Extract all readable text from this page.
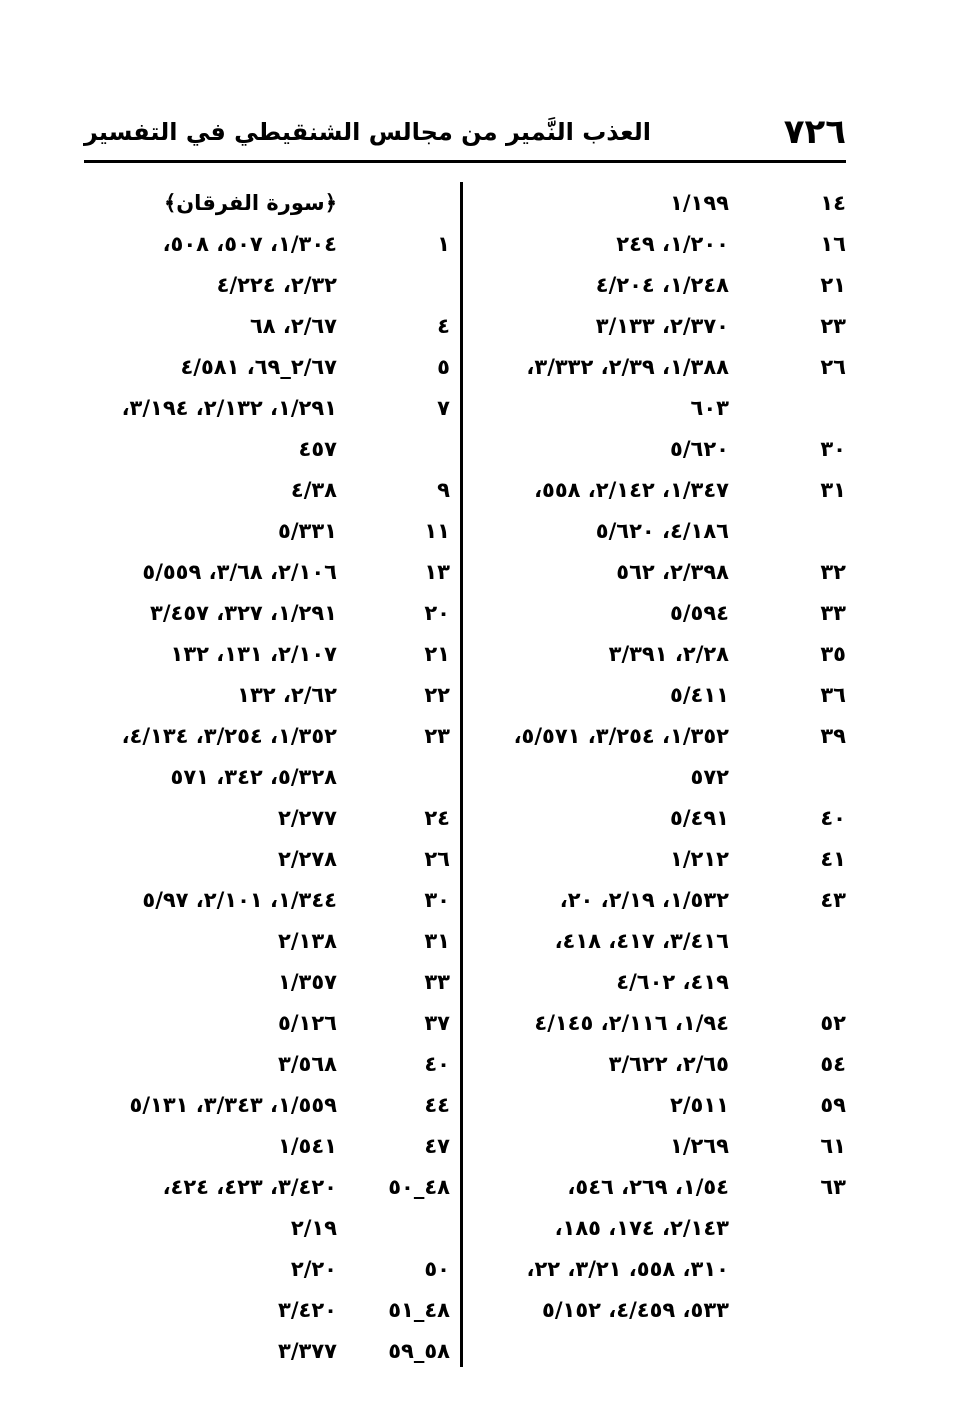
٧٢٦
العذب النَّمير من مجالس الشنقيطي في التفسير
١٤
١/١٩٩
١٦
١/٢٠٠، ٢٤٩
٢١
١/٢٤٨، ٤/٢٠٤
٢٣
٢/٣٧٠، ٣/١٣٣
٢٦
١/٣٨٨، ٢/٣٩، ٣/٣٣٢،
٦٠٣
٣٠
٥/٦٢٠
٣١
١/٣٤٧، ٢/١٤٢، ٥٥٨،
٤/١٨٦، ٥/٦٢٠
٣٢
٢/٣٩٨، ٥٦٢
٣٣
٥/٥٩٤
٣٥
٢/٢٨، ٣/٣٩١
٣٦
٥/٤١١
٣٩
١/٣٥٢، ٣/٢٥٤، ٥/٥٧١،
٥٧٢
٤٠
٥/٤٩١
٤١
١/٢١٢
٤٣
١/٥٣٢، ٢/١٩، ٢٠،
٣/٤١٦، ٤١٧، ٤١٨،
٤١٩، ٤/٦٠٢
٥٢
١/٩٤، ٢/١١٦، ٤/١٤٥
٥٤
٢/٦٥، ٣/٦٢٢
٥٩
٢/٥١١
٦١
١/٢٦٩
٦٣
١/٥٤، ٢٦٩، ٥٤٦،
٢/١٤٣، ١٧٤، ١٨٥،
٣١٠، ٥٥٨، ٣/٢١، ٢٢،
٥٣٣، ٤/٤٥٩، ٥/١٥٢
﴿سورة الفرقان﴾
١
١/٣٠٤، ٥٠٧، ٥٠٨،
٢/٣٢، ٤/٢٢٤
٤
٢/٦٧، ٦٨
٥
٢/٦٧_٦٩، ٤/٥٨١
٧
١/٢٩١، ٢/١٣٢، ٣/١٩٤،
٤٥٧
٩
٤/٣٨
١١
٥/٣٣١
١٣
٢/١٠٦، ٣/٦٨، ٥/٥٥٩
٢٠
١/٢٩١، ٣٢٧، ٣/٤٥٧
٢١
٢/١٠٧، ١٣١، ١٣٢
٢٢
٢/٦٢، ١٣٢
٢٣
١/٣٥٢، ٣/٢٥٤، ٤/١٣٤،
٥/٣٢٨، ٣٤٢، ٥٧١
٢٤
٢/٢٧٧
٢٦
٢/٢٧٨
٣٠
١/٣٤٤، ٢/١٠١، ٥/٩٧
٣١
٢/١٣٨
٣٣
١/٣٥٧
٣٧
٥/١٢٦
٤٠
٣/٥٦٨
٤٤
١/٥٥٩، ٣/٣٤٣، ٥/١٣١
٤٧
١/٥٤١
٤٨_٥٠
٣/٤٢٠، ٤٢٣، ٤٢٤،
٢/١٩
٥٠
٢/٢٠
٤٨_٥١
٣/٤٢٠
٥٨_٥٩
٣/٣٧٧
